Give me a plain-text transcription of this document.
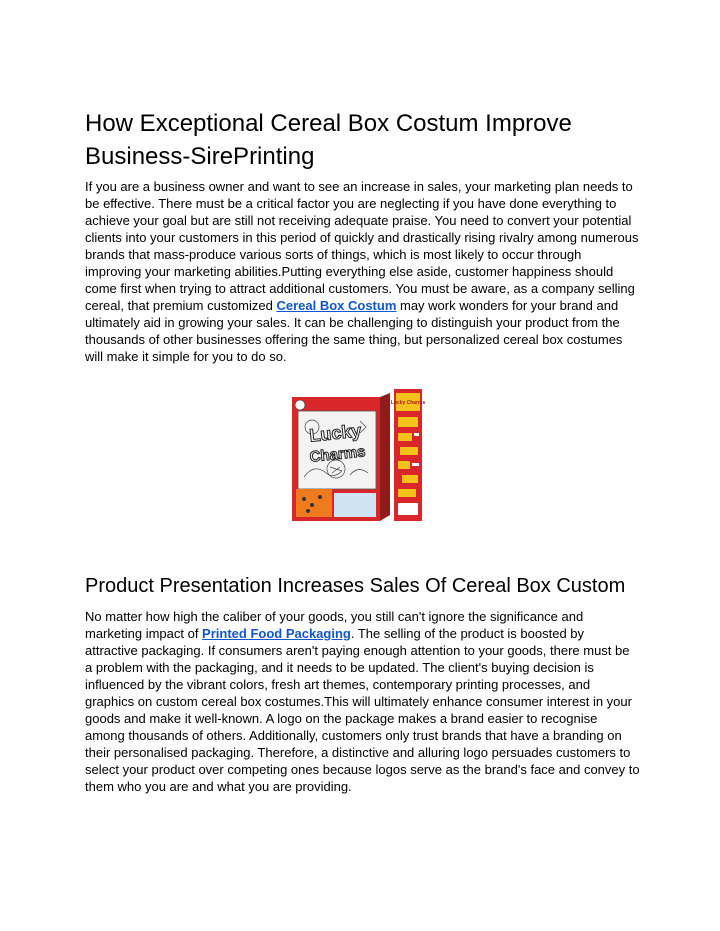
How Exceptional Cereal Box Costum Improve Business-SirePrinting

If you are a business owner and want to see an increase in sales, your marketing plan needs to be effective. There must be a critical factor you are neglecting if you have done everything to achieve your goal but are still not receiving adequate praise. You need to convert your potential clients into your customers in this period of quickly and drastically rising rivalry among numerous brands that mass-produce various sorts of things, which is most likely to occur through improving your marketing abilities.Putting everything else aside, customer happiness should come first when trying to attract additional customers. You must be aware, as a company selling cereal, that premium customized Cereal Box Costum may work wonders for your brand and ultimately aid in growing your sales. It can be challenging to distinguish your product from the thousands of other businesses offering the same thing, but personalized cereal box costumes will make it simple for you to do so.

Lucky
Charms
Lucky Charms
Product Presentation Increases Sales Of Cereal Box Custom

No matter how high the caliber of your goods, you still can't ignore the significance and marketing impact of Printed Food Packaging. The selling of the product is boosted by attractive packaging. If consumers aren't paying enough attention to your goods, there must be a problem with the packaging, and it needs to be updated. The client's buying decision is influenced by the vibrant colors, fresh art themes, contemporary printing processes, and graphics on custom cereal box costumes.This will ultimately enhance consumer interest in your goods and make it well-known. A logo on the package makes a brand easier to recognise among thousands of others. Additionally, customers only trust brands that have a branding on their personalised packaging. Therefore, a distinctive and alluring logo persuades customers to select your product over competing ones because logos serve as the brand's face and convey to them who you are and what you are providing.
